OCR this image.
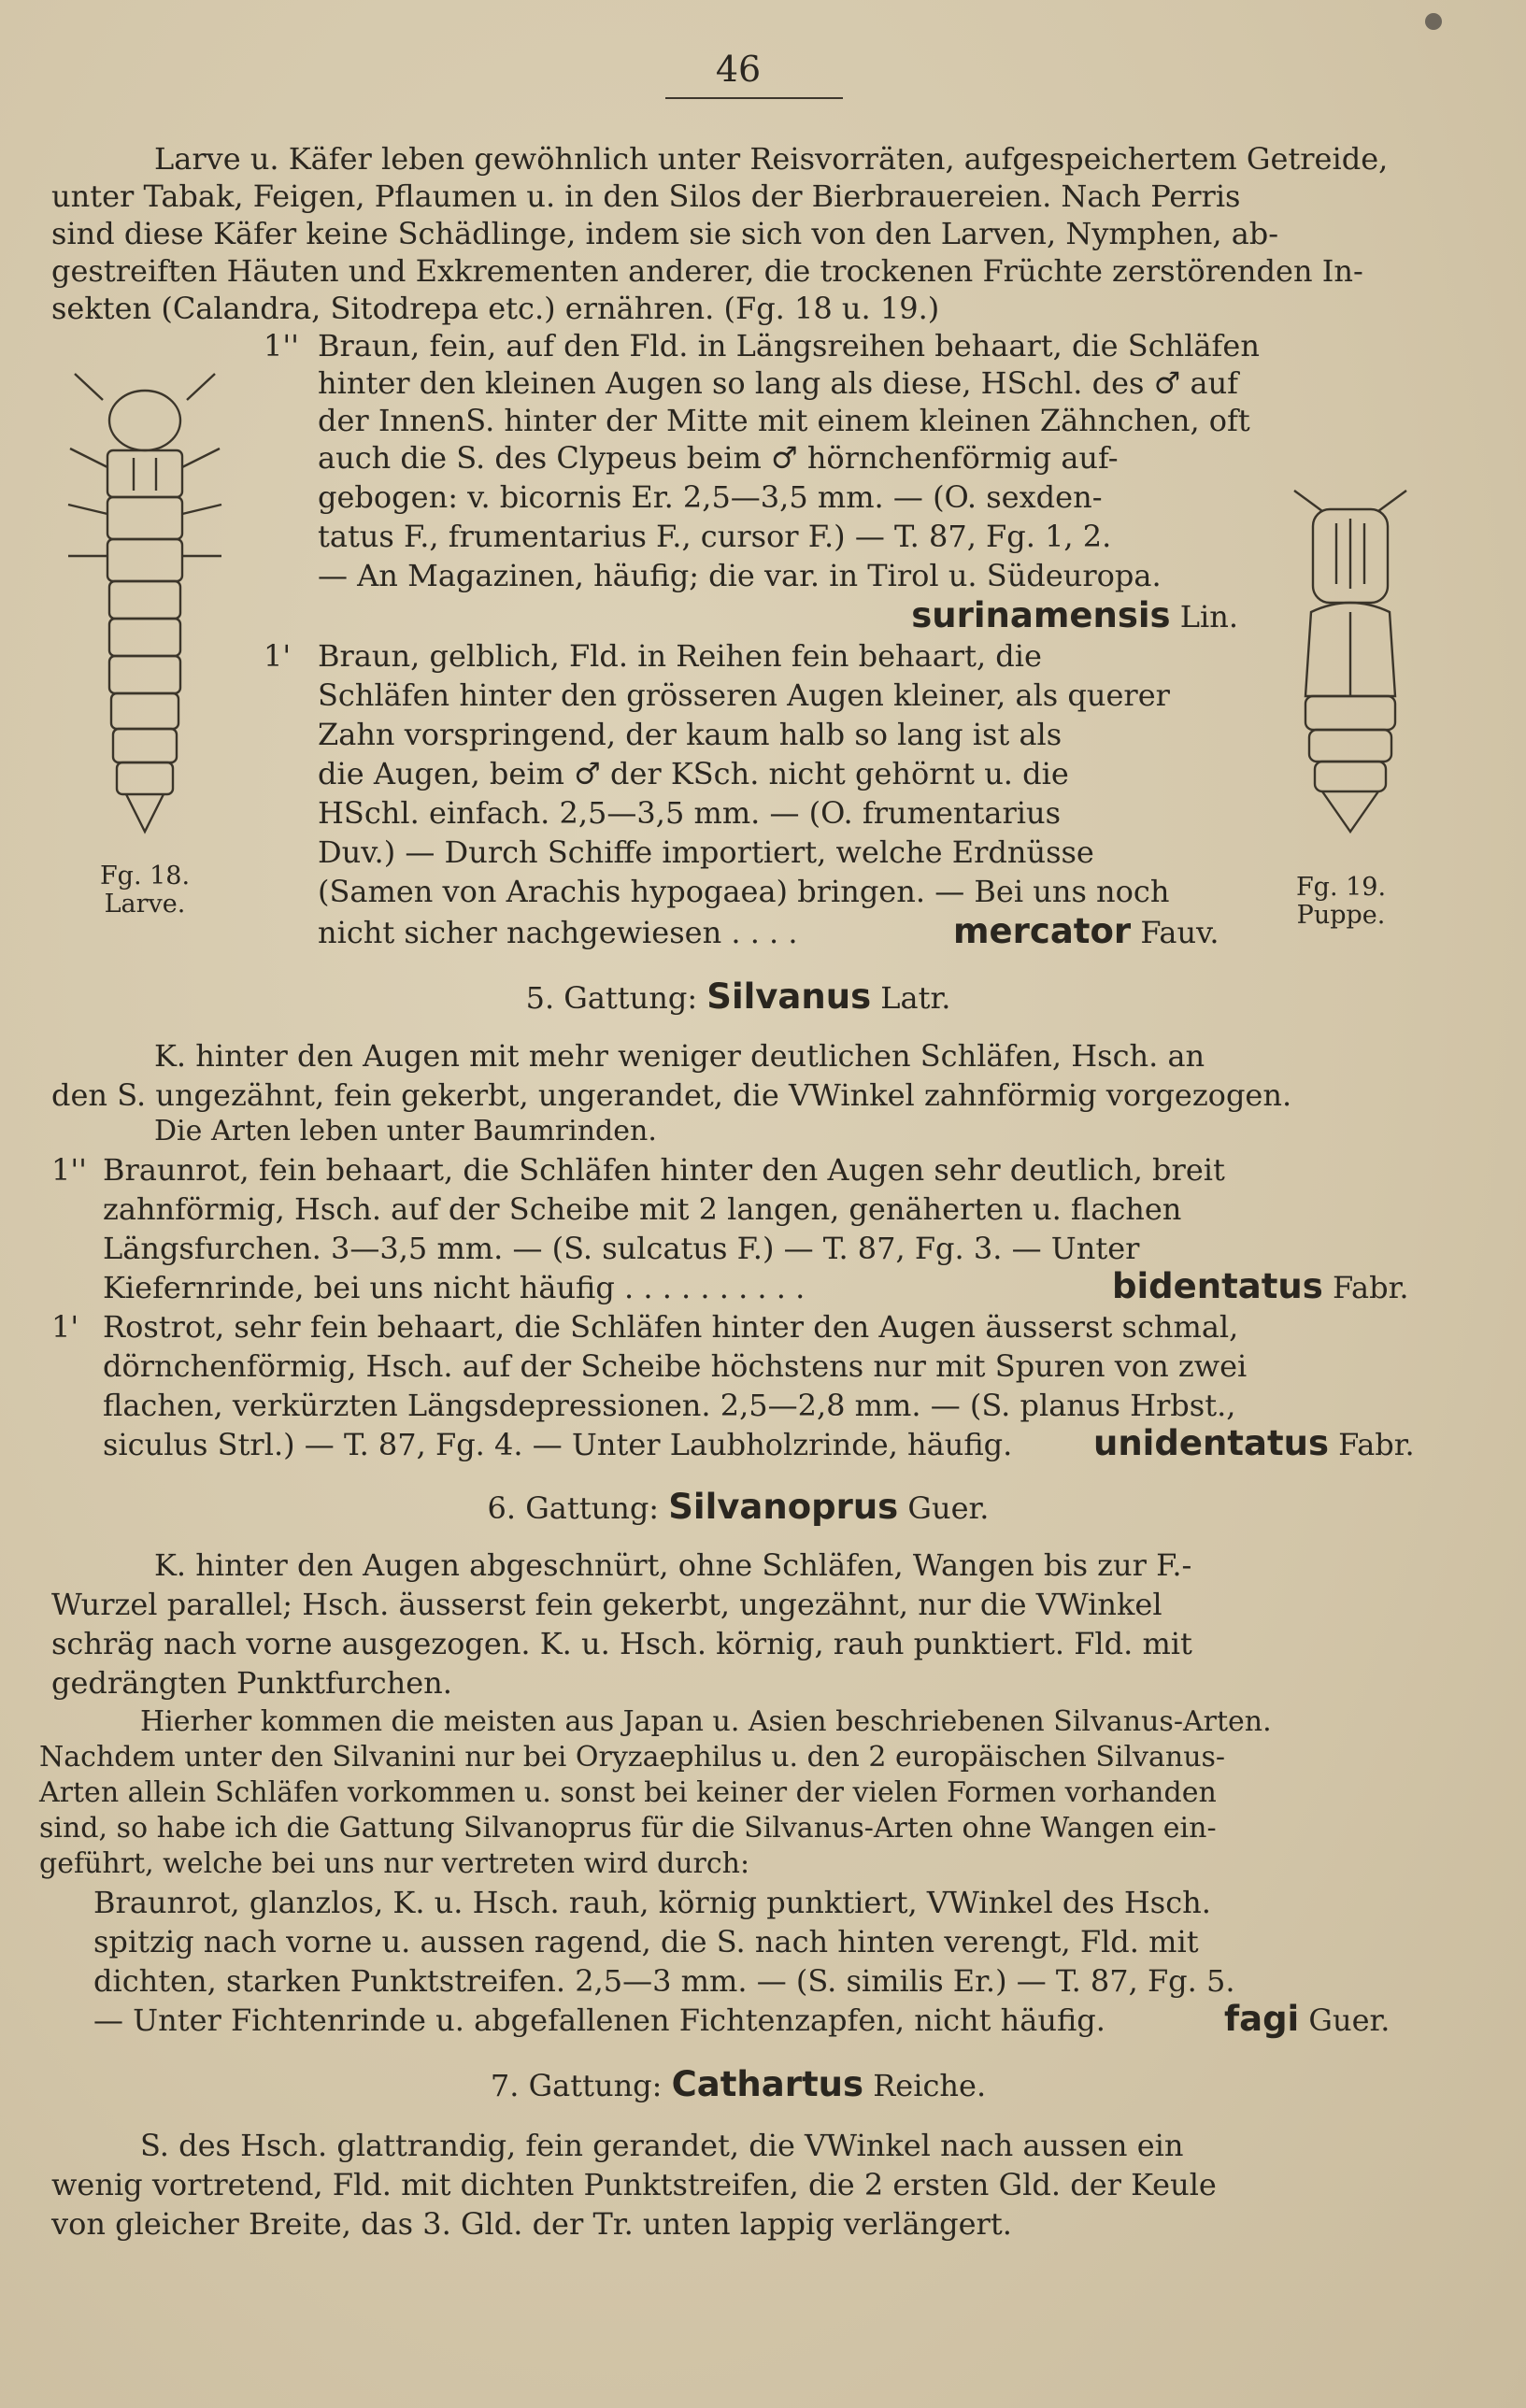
46
Larve u. Käfer leben gewöhnlich unter Reisvorräten, aufgespeichertem Getreide,
unter Tabak, Feigen, Pflaumen u. in den Silos der Bierbrauereien. Nach Perris
sind diese Käfer keine Schädlinge, indem sie sich von den Larven, Nymphen, ab-
gestreiften Häuten und Exkrementen anderer, die trockenen Früchte zerstörenden In-
sekten (Calandra, Sitodrepa etc.) ernähren. (Fg. 18 u. 19.)
Fg. 18.
Larve.
Fg. 19.
Puppe.
1'' Braun, fein, auf den Fld. in Längsreihen behaart, die Schläfen
hinter den kleinen Augen so lang als diese, HSchl. des ♂ auf
der InnenS. hinter der Mitte mit einem kleinen Zähnchen, oft
auch die S. des Clypeus beim ♂ hörnchenförmig auf-
gebogen: v. bicornis Er. 2,5—3,5 mm. — (O. sexden-
tatus F., frumentarius F., cursor F.) — T. 87, Fg. 1, 2.
— An Magazinen, häufig; die var. in Tirol u. Südeuropa.
surinamensis Lin.
1' Braun, gelblich, Fld. in Reihen fein behaart, die
Schläfen hinter den grösseren Augen kleiner, als querer
Zahn vorspringend, der kaum halb so lang ist als
die Augen, beim ♂ der KSch. nicht gehörnt u. die
HSchl. einfach. 2,5—3,5 mm. — (O. frumentarius
Duv.) — Durch Schiffe importiert, welche Erdnüsse
(Samen von Arachis hypogaea) bringen. — Bei uns noch
nicht sicher nachgewiesen . . . .	mercator Fauv.
5. Gattung: Silvanus Latr.
K. hinter den Augen mit mehr weniger deutlichen Schläfen, Hsch. an
den S. ungezähnt, fein gekerbt, ungerandet, die VWinkel zahnförmig vorgezogen.
Die Arten leben unter Baumrinden.
1'' Braunrot, fein behaart, die Schläfen hinter den Augen sehr deutlich, breit
zahnförmig, Hsch. auf der Scheibe mit 2 langen, genäherten u. flachen
Längsfurchen. 3—3,5 mm. — (S. sulcatus F.) — T. 87, Fg. 3. — Unter
Kiefernrinde, bei uns nicht häufig . . . . . . . . . .	bidentatus Fabr.
1' Rostrot, sehr fein behaart, die Schläfen hinter den Augen äusserst schmal,
dörnchenförmig, Hsch. auf der Scheibe höchstens nur mit Spuren von zwei
flachen, verkürzten Längsdepressionen. 2,5—2,8 mm. — (S. planus Hrbst.,
siculus Strl.) — T. 87, Fg. 4. — Unter Laubholzrinde, häufig. unidentatus Fabr.
6. Gattung: Silvanoprus Guer.
K. hinter den Augen abgeschnürt, ohne Schläfen, Wangen bis zur F.-
Wurzel parallel; Hsch. äusserst fein gekerbt, ungezähnt, nur die VWinkel
schräg nach vorne ausgezogen. K. u. Hsch. körnig, rauh punktiert. Fld. mit
gedrängten Punktfurchen.
Hierher kommen die meisten aus Japan u. Asien beschriebenen Silvanus-Arten.
Nachdem unter den Silvanini nur bei Oryzaephilus u. den 2 europäischen Silvanus-
Arten allein Schläfen vorkommen u. sonst bei keiner der vielen Formen vorhanden
sind, so habe ich die Gattung Silvanoprus für die Silvanus-Arten ohne Wangen ein-
geführt, welche bei uns nur vertreten wird durch:
Braunrot, glanzlos, K. u. Hsch. rauh, körnig punktiert, VWinkel des Hsch.
spitzig nach vorne u. aussen ragend, die S. nach hinten verengt, Fld. mit
dichten, starken Punktstreifen. 2,5—3 mm. — (S. similis Er.) — T. 87, Fg. 5.
— Unter Fichtenrinde u. abgefallenen Fichtenzapfen, nicht häufig.	fagi Guer.
7. Gattung: Cathartus Reiche.
S. des Hsch. glattrandig, fein gerandet, die VWinkel nach aussen ein
wenig vortretend, Fld. mit dichten Punktstreifen, die 2 ersten Gld. der Keule
von gleicher Breite, das 3. Gld. der Tr. unten lappig verlängert.
